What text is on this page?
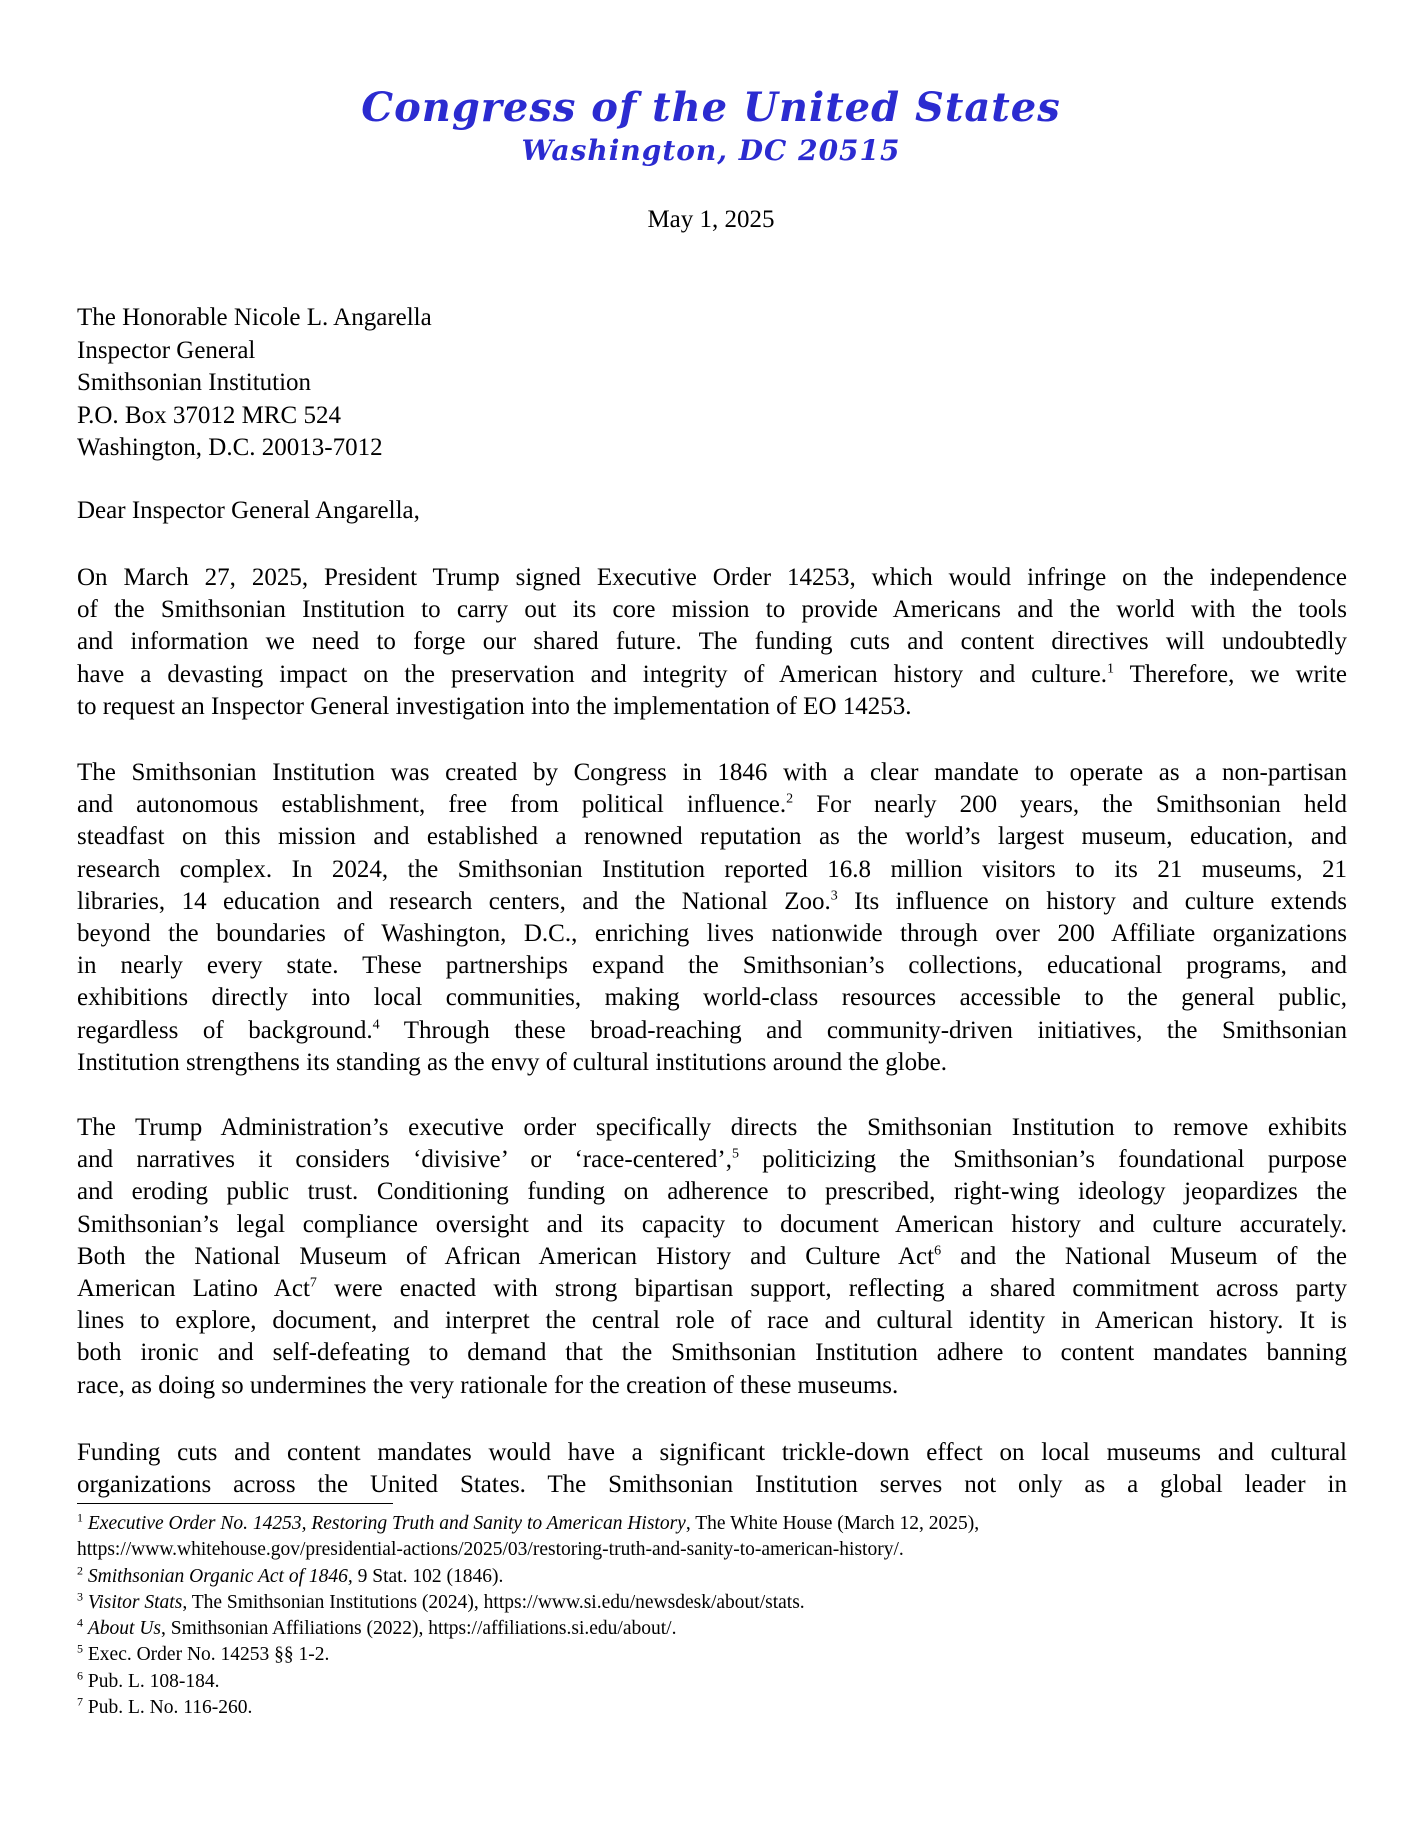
Congress of the United States
Washington, DC 20515
May 1, 2025
The Honorable Nicole L. Angarella
Inspector General
Smithsonian Institution
P.O. Box 37012 MRC 524
Washington, D.C. 20013-7012
Dear Inspector General Angarella,
On March 27, 2025, President Trump signed Executive Order 14253, which would infringe on the independence
of the Smithsonian Institution to carry out its core mission to provide Americans and the world with the tools
and information we need to forge our shared future. The funding cuts and content directives will undoubtedly
have a devasting impact on the preservation and integrity of American history and culture.$^1$ Therefore, we write
to request an Inspector General investigation into the implementation of EO 14253.
The Smithsonian Institution was created by Congress in 1846 with a clear mandate to operate as a non-partisan
and autonomous establishment, free from political influence.$^2$ For nearly 200 years, the Smithsonian held
steadfast on this mission and established a renowned reputation as the world’s largest museum, education, and
research complex. In 2024, the Smithsonian Institution reported 16.8 million visitors to its 21 museums, 21
libraries, 14 education and research centers, and the National Zoo.$^3$ Its influence on history and culture extends
beyond the boundaries of Washington, D.C., enriching lives nationwide through over 200 Affiliate organizations
in nearly every state. These partnerships expand the Smithsonian’s collections, educational programs, and
exhibitions directly into local communities, making world-class resources accessible to the general public,
regardless of background.$^4$ Through these broad-reaching and community-driven initiatives, the Smithsonian
Institution strengthens its standing as the envy of cultural institutions around the globe.
The Trump Administration’s executive order specifically directs the Smithsonian Institution to remove exhibits
and narratives it considers ‘divisive’ or ‘race-centered’,$^5$ politicizing the Smithsonian’s foundational purpose
and eroding public trust. Conditioning funding on adherence to prescribed, right-wing ideology jeopardizes the
Smithsonian’s legal compliance oversight and its capacity to document American history and culture accurately.
Both the National Museum of African American History and Culture Act$^6$ and the National Museum of the
American Latino Act$^7$ were enacted with strong bipartisan support, reflecting a shared commitment across party
lines to explore, document, and interpret the central role of race and cultural identity in American history. It is
both ironic and self-defeating to demand that the Smithsonian Institution adhere to content mandates banning
race, as doing so undermines the very rationale for the creation of these museums.
Funding cuts and content mandates would have a significant trickle-down effect on local museums and cultural
organizations across the United States. The Smithsonian Institution serves not only as a global leader in
$^1$ Executive Order No. 14253, Restoring Truth and Sanity to American History, The White House (March 12, 2025),
https://www.whitehouse.gov/presidential-actions/2025/03/restoring-truth-and-sanity-to-american-history/.
$^2$ Smithsonian Organic Act of 1846, 9 Stat. 102 (1846).
$^3$ Visitor Stats, The Smithsonian Institutions (2024), https://www.si.edu/newsdesk/about/stats.
$^4$ About Us, Smithsonian Affiliations (2022), https://affiliations.si.edu/about/.
$^5$ Exec. Order No. 14253 §§ 1-2.
$^6$ Pub. L. 108-184.
$^7$ Pub. L. No. 116-260.
